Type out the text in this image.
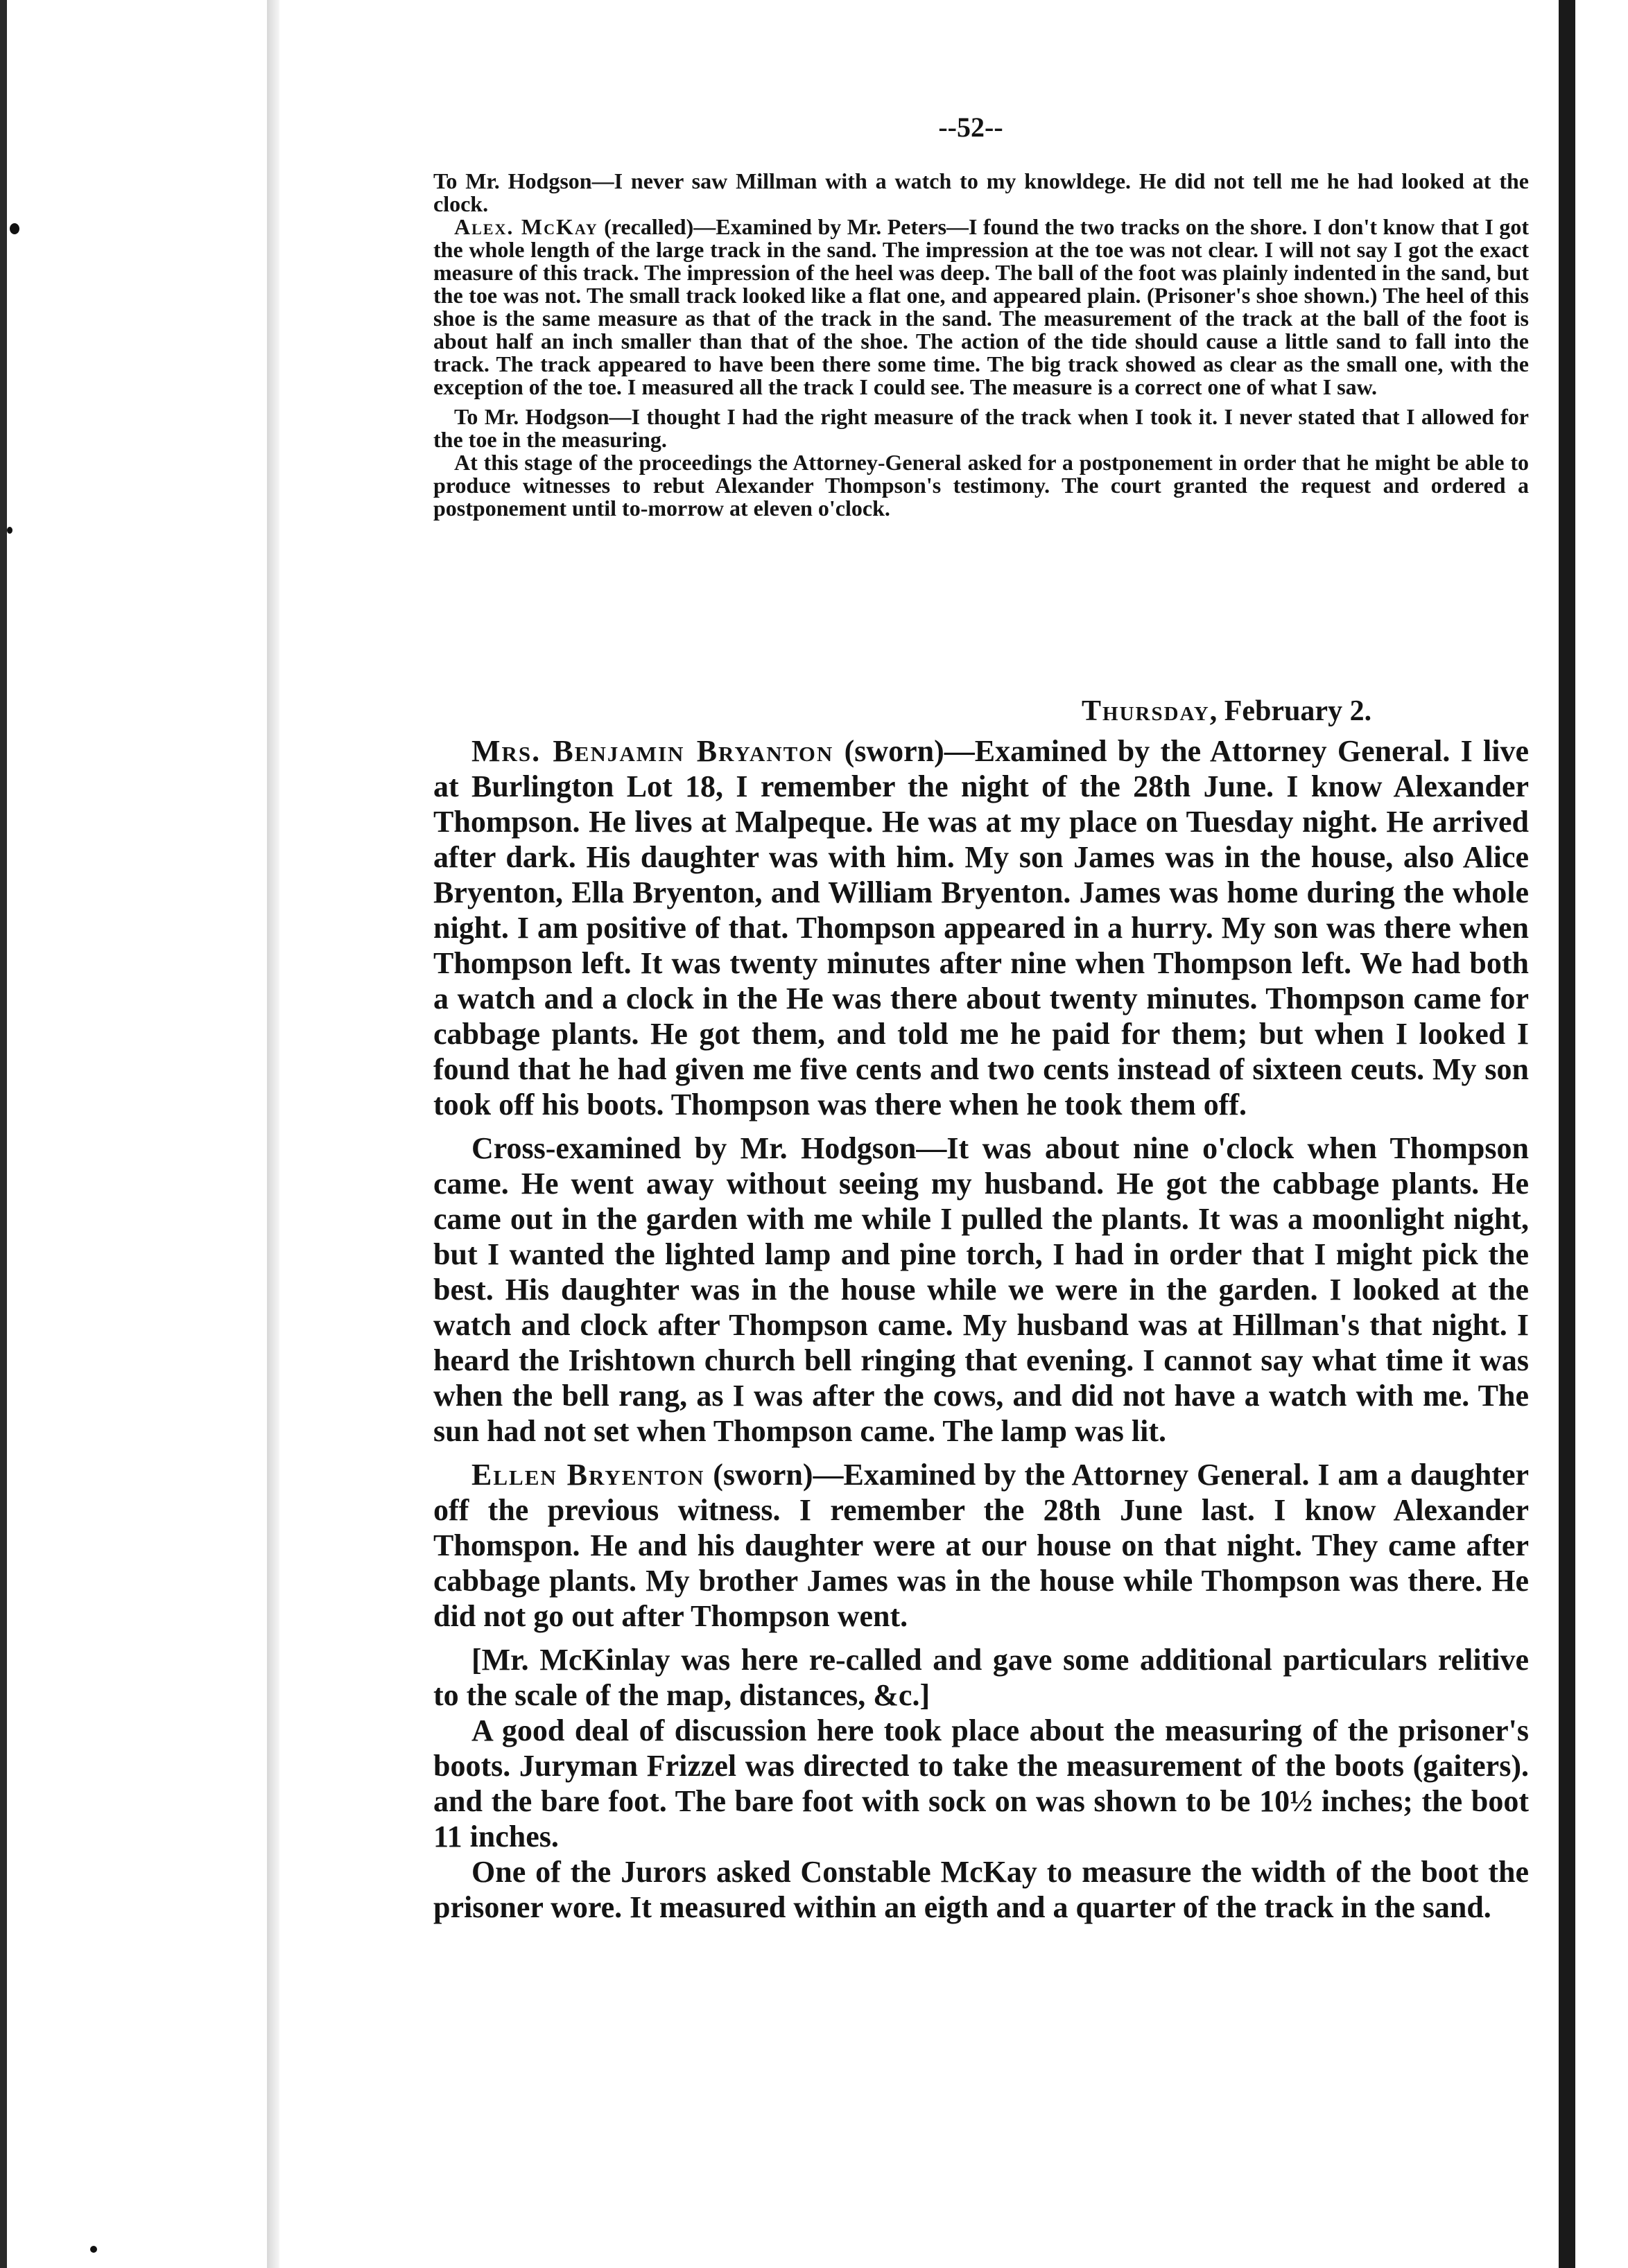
--52--

To Mr. Hodgson—I never saw Millman with a watch to my knowldege. He did not tell me he had looked at the clock.

Alex. McKay (recalled)—Examined by Mr. Peters—I found the two tracks on the shore. I don't know that I got the whole length of the large track in the sand. The impression at the toe was not clear. I will not say I got the exact measure of this track. The impression of the heel was deep. The ball of the foot was plainly indented in the sand, but the toe was not. The small track looked like a flat one, and appeared plain. (Prisoner's shoe shown.) The heel of this shoe is the same measure as that of the track in the sand. The measurement of the track at the ball of the foot is about half an inch smaller than that of the shoe. The action of the tide should cause a little sand to fall into the track. The track appeared to have been there some time. The big track showed as clear as the small one, with the exception of the toe. I measured all the track I could see. The measure is a correct one of what I saw.

To Mr. Hodgson—I thought I had the right measure of the track when I took it. I never stated that I allowed for the toe in the measuring.

At this stage of the proceedings the Attorney-General asked for a postponement in order that he might be able to produce witnesses to rebut Alexander Thompson's testimony. The court granted the request and ordered a postponement until to-morrow at eleven o'clock.

Thursday, February 2.

Mrs. Benjamin Bryanton (sworn)—Examined by the Attorney General. I live at Burlington Lot 18, I remember the night of the 28th June. I know Alexander Thompson. He lives at Malpeque. He was at my place on Tuesday night. He arrived after dark. His daughter was with him. My son James was in the house, also Alice Bryenton, Ella Bryenton, and William Bryenton. James was home during the whole night. I am positive of that. Thompson appeared in a hurry. My son was there when Thompson left. It was twenty minutes after nine when Thompson left. We had both a watch and a clock in the He was there about twenty minutes. Thompson came for cabbage plants. He got them, and told me he paid for them; but when I looked I found that he had given me five cents and two cents instead of sixteen ceuts. My son took off his boots. Thompson was there when he took them off.

Cross-examined by Mr. Hodgson—It was about nine o'clock when Thompson came. He went away without seeing my husband. He got the cabbage plants. He came out in the garden with me while I pulled the plants. It was a moonlight night, but I wanted the lighted lamp and pine torch, I had in order that I might pick the best. His daughter was in the house while we were in the garden. I looked at the watch and clock after Thompson came. My husband was at Hillman's that night. I heard the Irishtown church bell ringing that evening. I cannot say what time it was when the bell rang, as I was after the cows, and did not have a watch with me. The sun had not set when Thompson came. The lamp was lit.

Ellen Bryenton (sworn)—Examined by the Attorney General. I am a daughter off the previous witness. I remember the 28th June last. I know Alexander Thomspon. He and his daughter were at our house on that night. They came after cabbage plants. My brother James was in the house while Thompson was there. He did not go out after Thompson went.

[Mr. McKinlay was here re-called and gave some additional particulars relitive to the scale of the map, distances, &c.]

A good deal of discussion here took place about the measuring of the prisoner's boots. Juryman Frizzel was directed to take the measurement of the boots (gaiters). and the bare foot. The bare foot with sock on was shown to be 10½ inches; the boot 11 inches.

One of the Jurors asked Constable McKay to measure the width of the boot the prisoner wore. It measured within an eigth and a quarter of the track in the sand.
